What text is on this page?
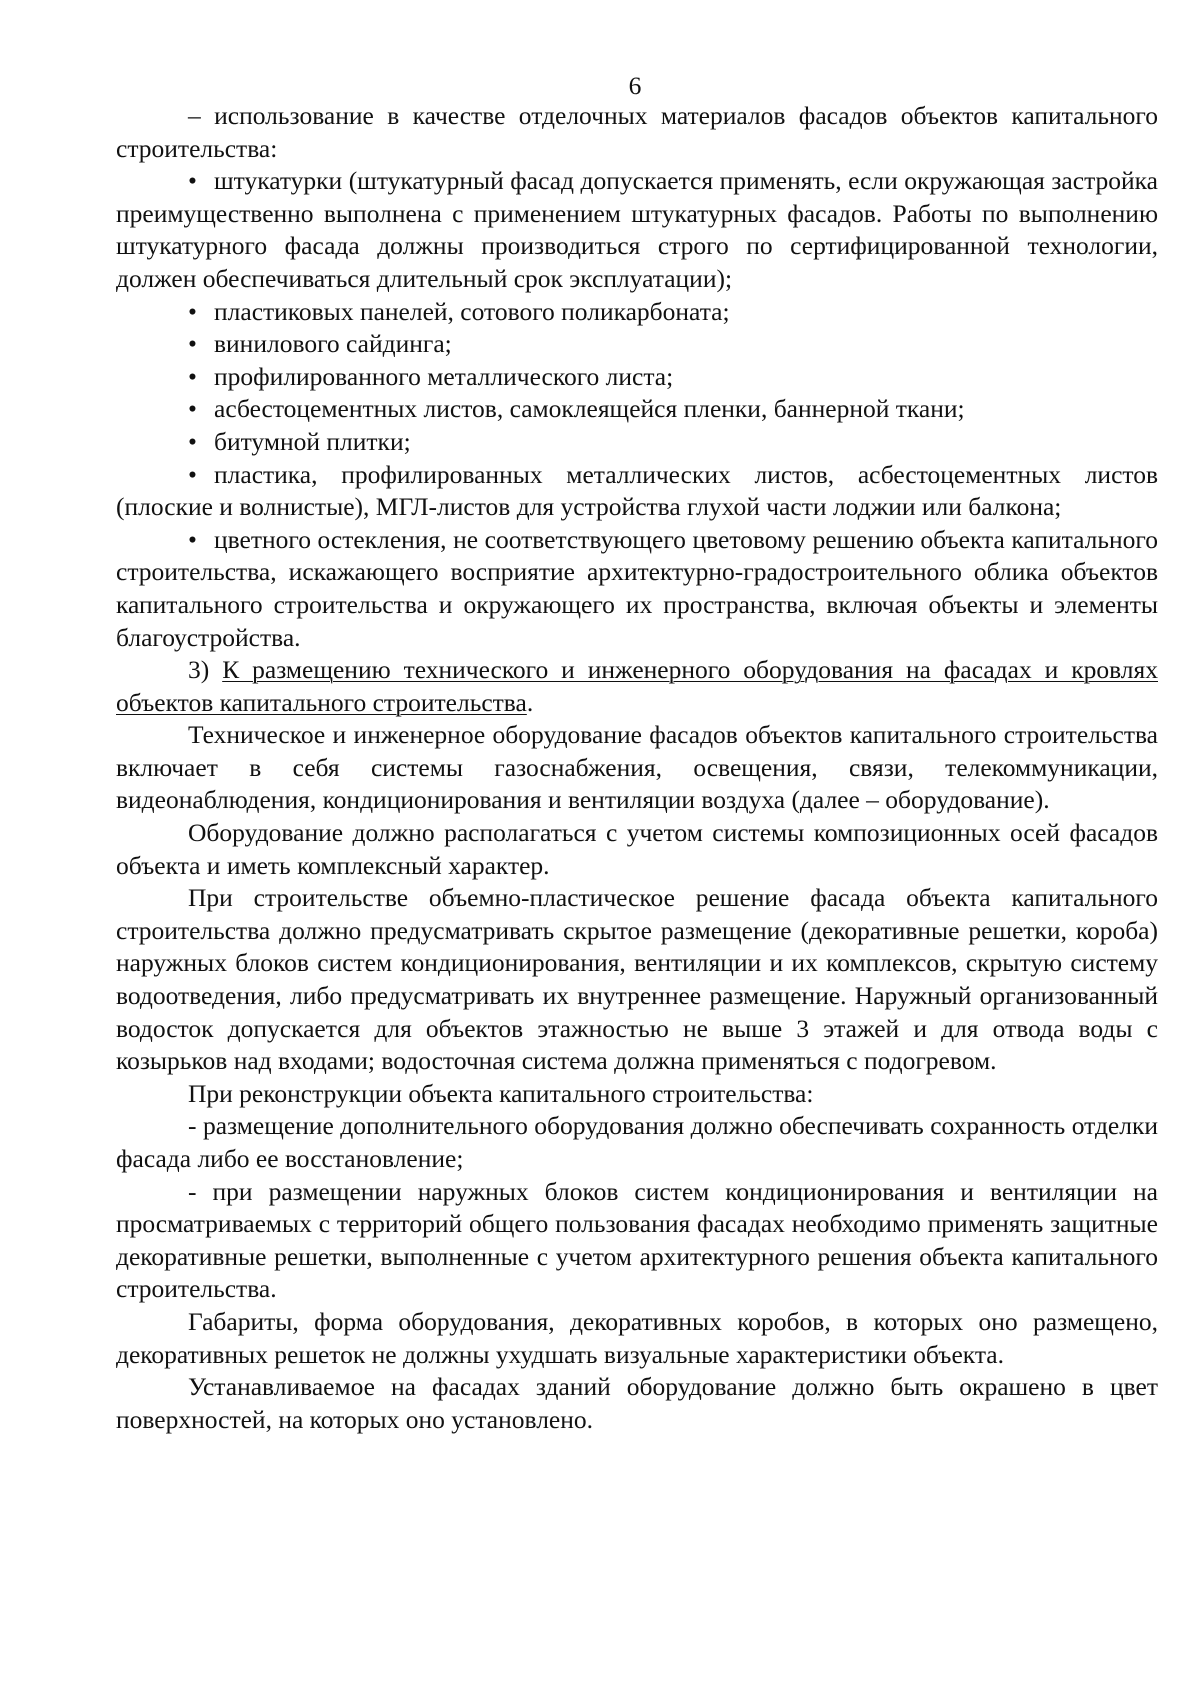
6

– использование в качестве отделочных материалов фасадов объектов капитального строительства:

• штукатурки (штукатурный фасад допускается применять, если окружающая застройка преимущественно выполнена с применением штукатурных фасадов. Работы по выполнению штукатурного фасада должны производиться строго по сертифицированной технологии, должен обеспечиваться длительный срок эксплуатации);

• пластиковых панелей, сотового поликарбоната;

• винилового сайдинга;

• профилированного металлического листа;

• асбестоцементных листов, самоклеящейся пленки, баннерной ткани;

• битумной плитки;

• пластика, профилированных металлических листов, асбестоцементных листов (плоские и волнистые), МГЛ-листов для устройства глухой части лоджии или балкона;

• цветного остекления, не соответствующего цветовому решению объекта капитального строительства, искажающего восприятие архитектурно-градостроительного облика объектов капитального строительства и окружающего их пространства, включая объекты и элементы благоустройства.

3) К размещению технического и инженерного оборудования на фасадах и кровлях объектов капитального строительства.

Техническое и инженерное оборудование фасадов объектов капитального строительства включает в себя системы газоснабжения, освещения, связи, телекоммуникации, видеонаблюдения, кондиционирования и вентиляции воздуха (далее – оборудование).

Оборудование должно располагаться с учетом системы композиционных осей фасадов объекта и иметь комплексный характер.

При строительстве объемно-пластическое решение фасада объекта капитального строительства должно предусматривать скрытое размещение (декоративные решетки, короба) наружных блоков систем кондиционирования, вентиляции и их комплексов, скрытую систему водоотведения, либо предусматривать их внутреннее размещение. Наружный организованный водосток допускается для объектов этажностью не выше 3 этажей и для отвода воды с козырьков над входами; водосточная система должна применяться с подогревом.

При реконструкции объекта капитального строительства:

- размещение дополнительного оборудования должно обеспечивать сохранность отделки фасада либо ее восстановление;

- при размещении наружных блоков систем кондиционирования и вентиляции на просматриваемых с территорий общего пользования фасадах необходимо применять защитные декоративные решетки, выполненные с учетом архитектурного решения объекта капитального строительства.

Габариты, форма оборудования, декоративных коробов, в которых оно размещено, декоративных решеток не должны ухудшать визуальные характеристики объекта.

Устанавливаемое на фасадах зданий оборудование должно быть окрашено в цвет поверхностей, на которых оно установлено.
